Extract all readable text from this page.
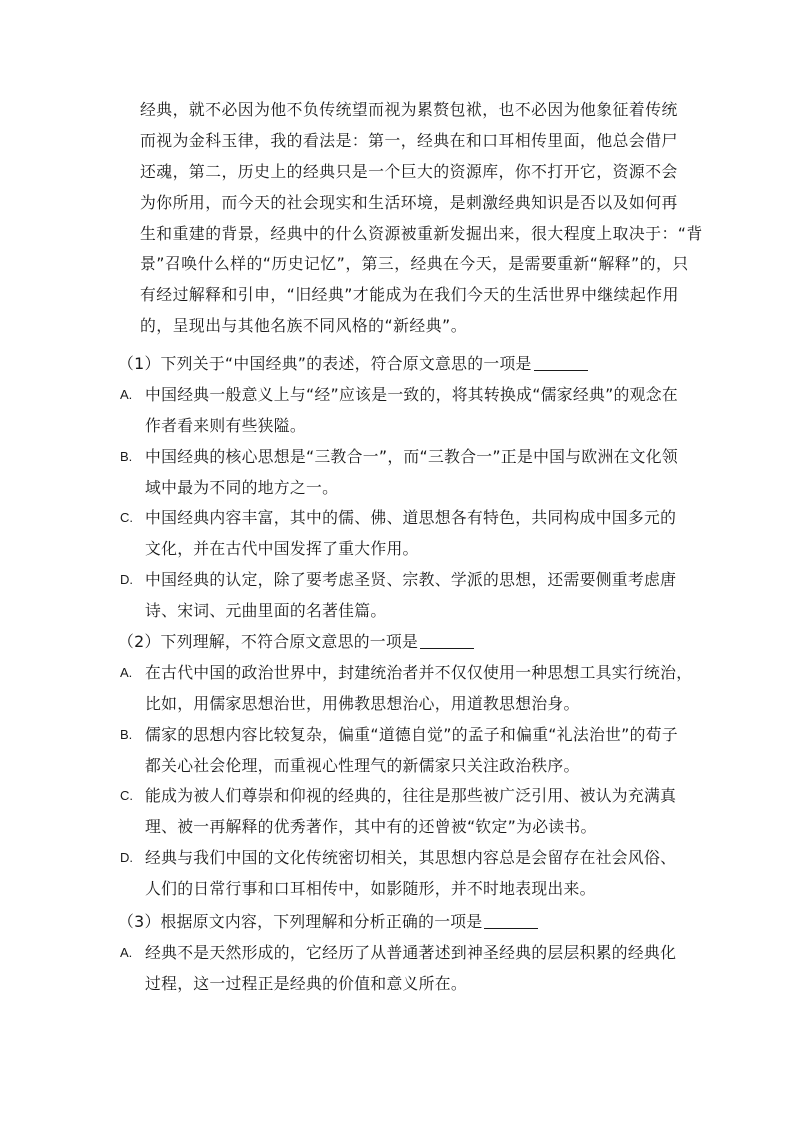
经典，就不必因为他不负传统望而视为累赘包袱，也不必因为他象征着传统
而视为金科玉律，我的看法是：第一，经典在和口耳相传里面，他总会借尸
还魂，第二，历史上的经典只是一个巨大的资源库，你不打开它，资源不会
为你所用，而今天的社会现实和生活环境，是刺激经典知识是否以及如何再
生和重建的背景，经典中的什么资源被重新发掘出来，很大程度上取决于：“背
景”召唤什么样的“历史记忆”，第三，经典在今天，是需要重新“解释”的，只
有经过解释和引申，“旧经典”才能成为在我们今天的生活世界中继续起作用
的，呈现出与其他名族不同风格的“新经典”。
（1）下列关于“中国经典”的表述，符合原文意思的一项是
A. 中国经典一般意义上与“经”应该是一致的，将其转换成“儒家经典”的观念在
作者看来则有些狭隘。
B. 中国经典的核心思想是“三教合一”，而“三教合一”正是中国与欧洲在文化领
域中最为不同的地方之一。
C. 中国经典内容丰富，其中的儒、佛、道思想各有特色，共同构成中国多元的
文化，并在古代中国发挥了重大作用。
D. 中国经典的认定，除了要考虑圣贤、宗教、学派的思想，还需要侧重考虑唐
诗、宋词、元曲里面的名著佳篇。
（2）下列理解，不符合原文意思的一项是
A. 在古代中国的政治世界中，封建统治者并不仅仅使用一种思想工具实行统治，
比如，用儒家思想治世，用佛教思想治心，用道教思想治身。
B. 儒家的思想内容比较复杂，偏重“道德自觉”的孟子和偏重“礼法治世”的荀子
都关心社会伦理，而重视心性理气的新儒家只关注政治秩序。
C. 能成为被人们尊崇和仰视的经典的，往往是那些被广泛引用、被认为充满真
理、被一再解释的优秀著作，其中有的还曾被“钦定”为必读书。
D. 经典与我们中国的文化传统密切相关，其思想内容总是会留存在社会风俗、
人们的日常行事和口耳相传中，如影随形，并不时地表现出来。
（3）根据原文内容，下列理解和分析正确的一项是
A. 经典不是天然形成的，它经历了从普通著述到神圣经典的层层积累的经典化
过程，这一过程正是经典的价值和意义所在。
